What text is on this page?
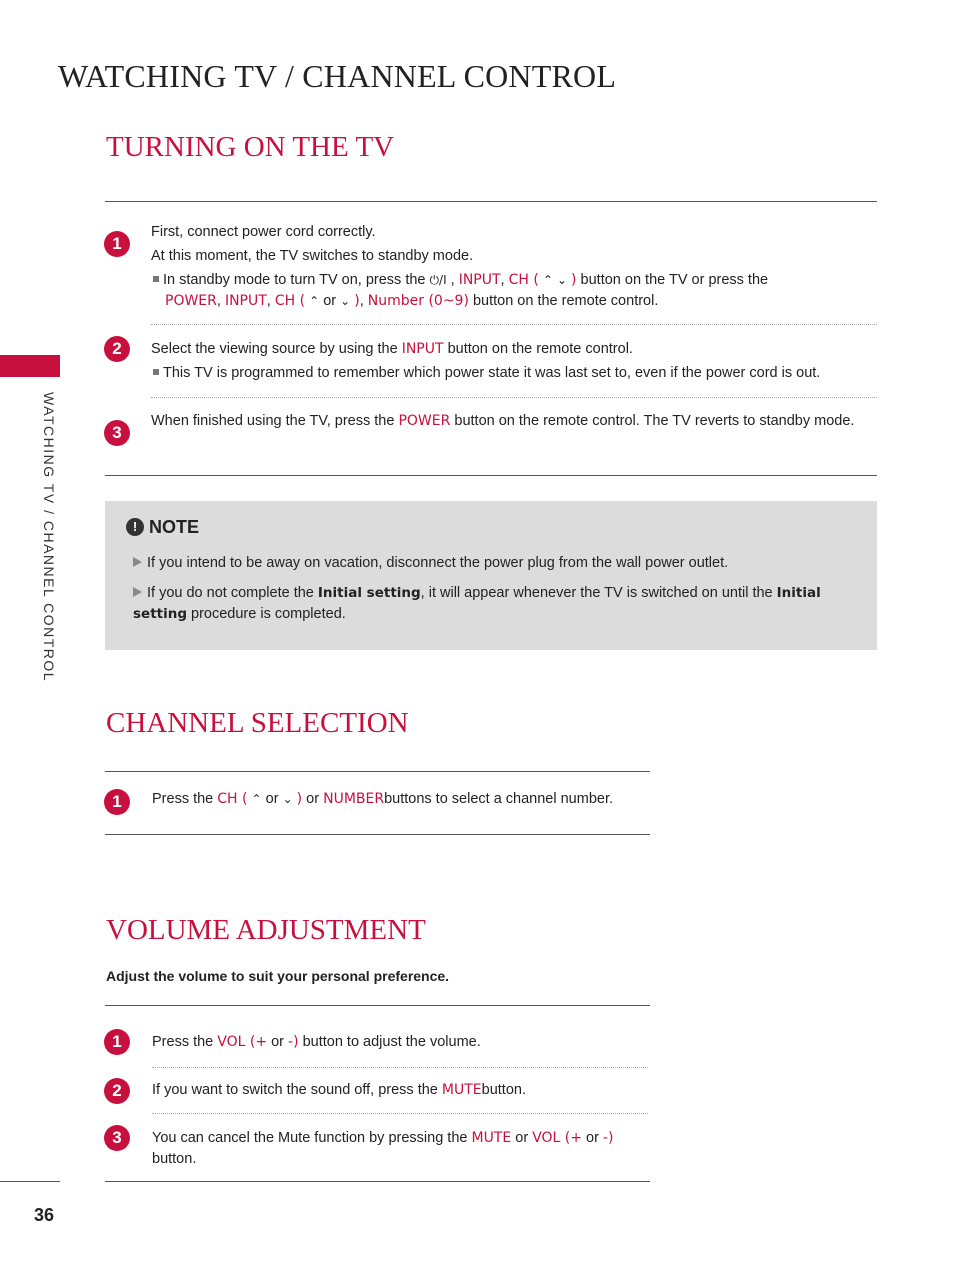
WATCHING TV / CHANNEL CONTROL
WATCHING TV / CHANNEL CONTROL
TURNING ON THE TV
1
First, connect power cord correctly.
At this moment, the TV switches to standby mode.
In standby mode to turn TV on, press the ⏻/I , INPUT, CH ( ⌃ ⌄ ) button on the TV or press the
POWER, INPUT, CH ( ⌃ or ⌄ ), Number (0~9) button on the remote control.
2	Select the viewing source by using the INPUT button on the remote control.
This TV is programmed to remember which power state it was last set to, even if the power cord is out.
3
When finished using the TV, press the POWER button on the remote control. The TV reverts to standby mode.
! NOTE
If you intend to be away on vacation, disconnect the power plug from the wall power outlet.
If you do not complete the Initial setting, it will appear whenever the TV is switched on until the Initial setting procedure is completed.
CHANNEL SELECTION
1	Press the CH ( ⌃ or ⌄ ) or NUMBERbuttons to select a channel number.
VOLUME ADJUSTMENT
Adjust the volume to suit your personal preference.
1	Press the VOL (+ or -) button to adjust the volume.
2	If you want to switch the sound off, press the MUTEbutton.
3	You can cancel the Mute function by pressing the MUTE or VOL (+ or -)
button.
36
